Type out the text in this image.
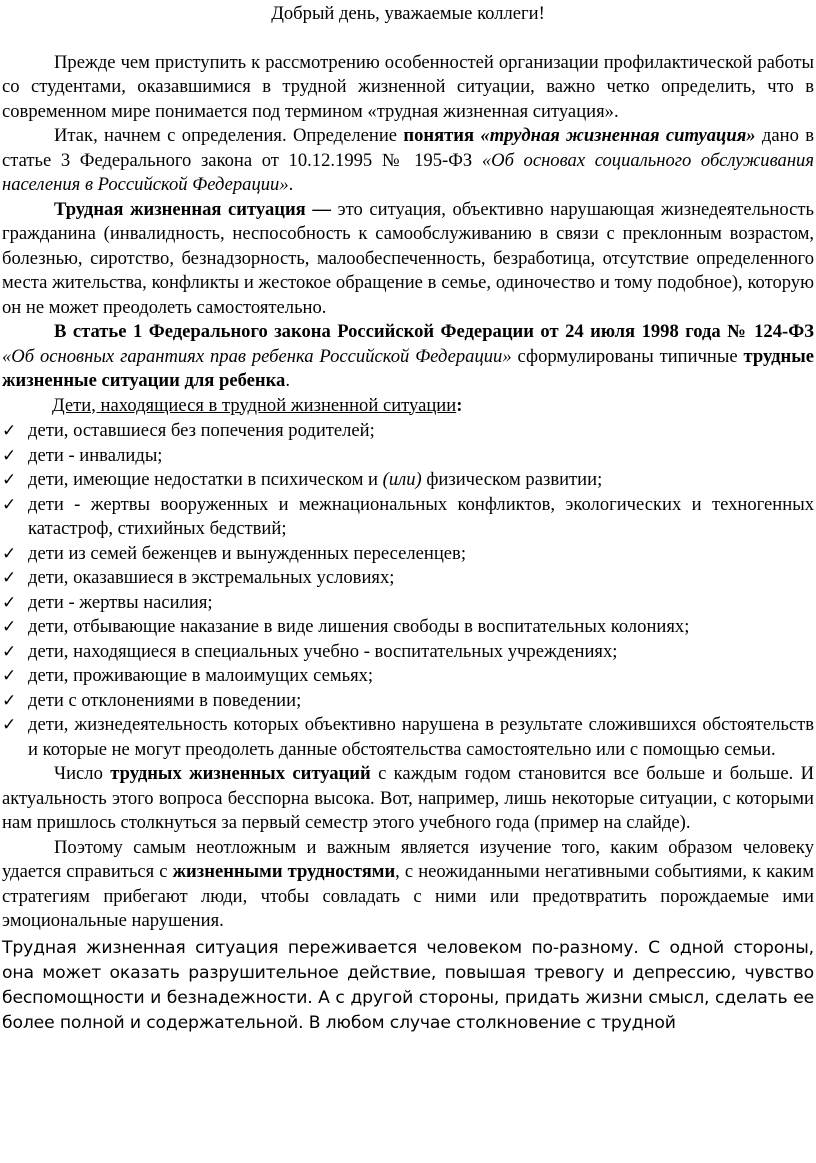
Добрый день, уважаемые коллеги!

Прежде чем приступить к рассмотрению особенностей организации профилактической работы со студентами, оказавшимися в трудной жизненной ситуации, важно четко определить, что в современном мире понимается под термином «трудная жизненная ситуация».

Итак, начнем с определения. Определение понятия «трудная жизненная ситуация» дано в статье 3 Федерального закона от 10.12.1995 № 195-ФЗ «Об основах социального обслуживания населения в Российской Федерации».

Трудная жизненная ситуация — это ситуация, объективно нарушающая жизнедеятельность гражданина (инвалидность, неспособность к самообслуживанию в связи с преклонным возрастом, болезнью, сиротство, безнадзорность, малообеспеченность, безработица, отсутствие определенного места жительства, конфликты и жестокое обращение в семье, одиночество и тому подобное), которую он не может преодолеть самостоятельно.

В статье 1 Федерального закона Российской Федерации от 24 июля 1998 года № 124-ФЗ «Об основных гарантиях прав ребенка Российской Федерации» сформулированы типичные трудные жизненные ситуации для ребенка.

Дети, находящиеся в трудной жизненной ситуации:

✓ дети, оставшиеся без попечения родителей;
✓ дети - инвалиды;
✓ дети, имеющие недостатки в психическом и (или) физическом развитии;
✓ дети - жертвы вооруженных и межнациональных конфликтов, экологических и техногенных катастроф, стихийных бедствий;
✓ дети из семей беженцев и вынужденных переселенцев;
✓ дети, оказавшиеся в экстремальных условиях;
✓ дети - жертвы насилия;
✓ дети, отбывающие наказание в виде лишения свободы в воспитательных колониях;
✓ дети, находящиеся в специальных учебно - воспитательных учреждениях;
✓ дети, проживающие в малоимущих семьях;
✓ дети с отклонениями в поведении;
✓ дети, жизнедеятельность которых объективно нарушена в результате сложившихся обстоятельств и которые не могут преодолеть данные обстоятельства самостоятельно или с помощью семьи.

Число трудных жизненных ситуаций с каждым годом становится все больше и больше. И актуальность этого вопроса бесспорна высока. Вот, например, лишь некоторые ситуации, с которыми нам пришлось столкнуться за первый семестр этого учебного года (пример на слайде).

Поэтому самым неотложным и важным является изучение того, каким образом человеку удается справиться с жизненными трудностями, с неожиданными негативными событиями, к каким стратегиям прибегают люди, чтобы совладать с ними или предотвратить порождаемые ими эмоциональные нарушения.

Трудная жизненная ситуация переживается человеком по-разному. С одной стороны, она может оказать разрушительное действие, повышая тревогу и депрессию, чувство беспомощности и безнадежности. А с другой стороны, придать жизни смысл, сделать ее более полной и содержательной. В любом случае столкновение с трудной
